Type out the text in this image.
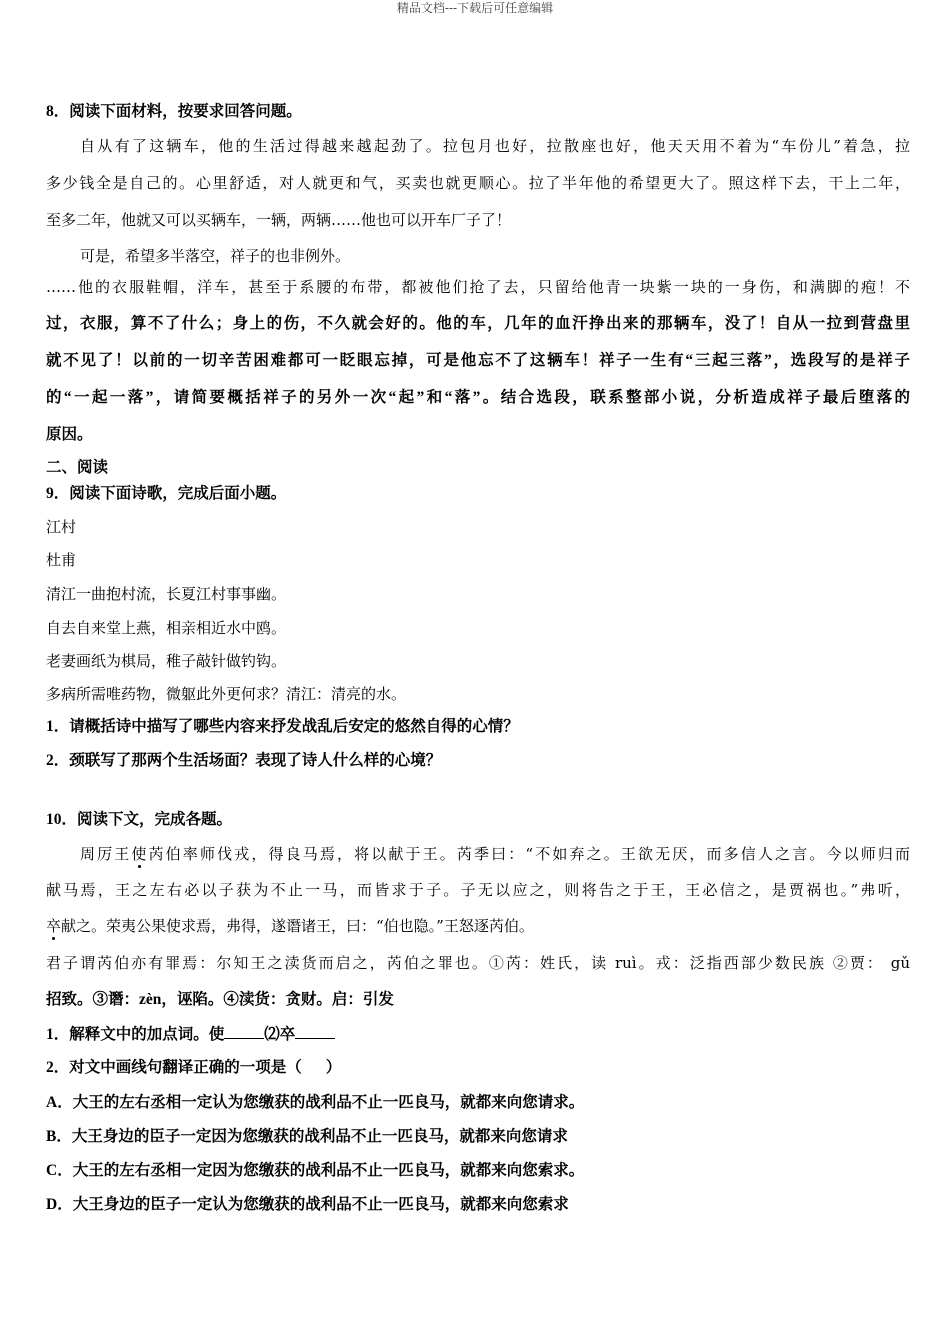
精品文档---下载后可任意编辑
8．阅读下面材料，按要求回答问题。
自从有了这辆车，他的生活过得越来越起劲了。拉包月也好，拉散座也好，他天天用不着为“车份儿”着急，拉
多少钱全是自己的。心里舒适，对人就更和气，买卖也就更顺心。拉了半年他的希望更大了。照这样下去，干上二年，
至多二年，他就又可以买辆车，一辆，两辆……他也可以开车厂子了！
可是，希望多半落空，祥子的也非例外。
……他的衣服鞋帽，洋车，甚至于系腰的布带，都被他们抢了去，只留给他青一块紫一块的一身伤，和满脚的疱！不
过，衣服，算不了什么；身上的伤，不久就会好的。他的车，几年的血汗挣出来的那辆车，没了！自从一拉到营盘里
就不见了！以前的一切辛苦困难都可一眨眼忘掉，可是他忘不了这辆车！祥子一生有“三起三落”，选段写的是祥子
的“一起一落”，请简要概括祥子的另外一次“起”和“落”。结合选段，联系整部小说，分析造成祥子最后堕落的
原因。
二、阅读
9．阅读下面诗歌，完成后面小题。
江村
杜甫
清江一曲抱村流，长夏江村事事幽。
自去自来堂上燕，相亲相近水中鸥。
老妻画纸为棋局，稚子敲针做钓钩。
多病所需唯药物，微躯此外更何求？清江：清亮的水。
1．请概括诗中描写了哪些内容来抒发战乱后安定的悠然自得的心情？
2．颈联写了那两个生活场面？表现了诗人什么样的心境？
10．阅读下文，完成各题。
周厉王使芮伯率师伐戎，得良马焉，将以献于王。芮季曰：“不如弃之。王欲无厌，而多信人之言。今以师归而
献马焉，王之左右必以子获为不止一马，而皆求于子。子无以应之，则将告之于王，王必信之，是贾祸也。”弗听，
卒献之。荣夷公果使求焉，弗得，遂谮诸王，曰：“伯也隐。”王怒逐芮伯。
君子谓芮伯亦有罪焉：尔知王之渎货而启之，芮伯之罪也。①芮：姓氏，读 ruì。戎：泛指西部少数民族 ②贾： gǔ
招致。③谮：zèn，诬陷。④渎货：贪财。启：引发
1．解释文中的加点词。使	⑵卒
2．对文中画线句翻译正确的一项是（ ）
A．大王的左右丞相一定认为您缴获的战利品不止一匹良马，就都来向您请求。
B．大王身边的臣子一定因为您缴获的战利品不止一匹良马，就都来向您请求
C．大王的左右丞相一定因为您缴获的战利品不止一匹良马，就都来向您索求。
D．大王身边的臣子一定认为您缴获的战利品不止一匹良马，就都来向您索求
